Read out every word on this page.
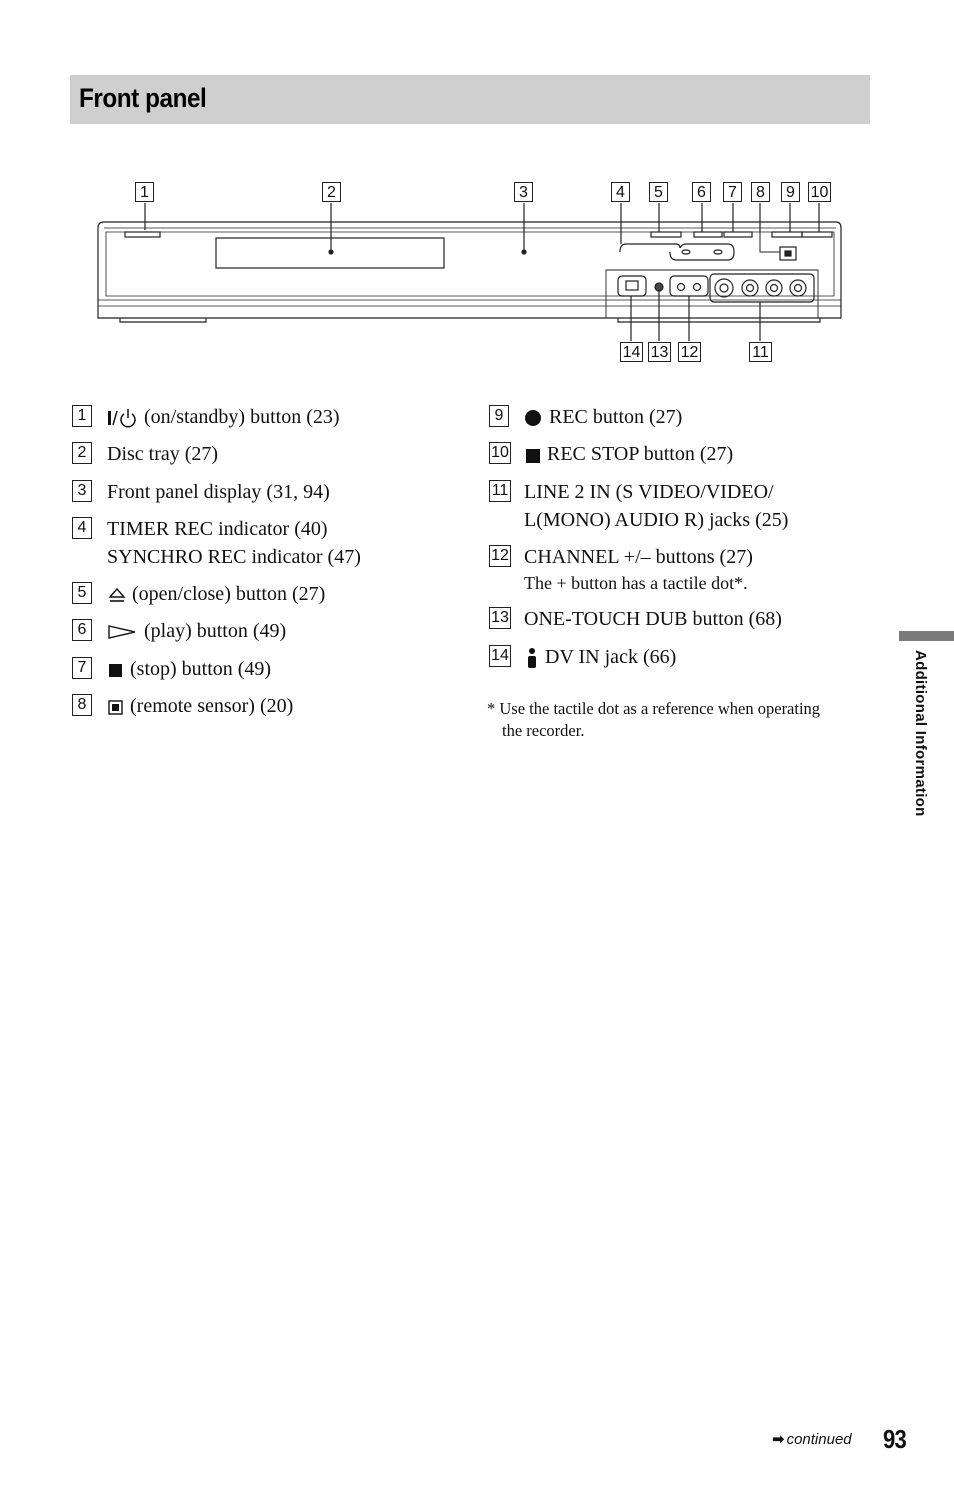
Front panel
1	2	3	4	5	6	7	8	9 10
14 13 12	11
1	(on/standby) button (23)
2 Disc tray (27)
3 Front panel display (31, 94)
4 TIMER REC indicator (40)
SYNCHRO REC indicator (47)
5	(open/close) button (27)
6	(play) button (49)
7	(stop) button (49)
8	(remote sensor) (20)
9	REC button (27)
10	REC STOP button (27)
11 LINE 2 IN (S VIDEO/VIDEO/
L(MONO) AUDIO R) jacks (25)
12 CHANNEL +/– buttons (27)
The + button has a tactile dot*.
13 ONE-TOUCH DUB button (68)
14	DV IN jack (66)
* Use the tactile dot as a reference when operating
the recorder.	Additional Information
➡ continued 93
